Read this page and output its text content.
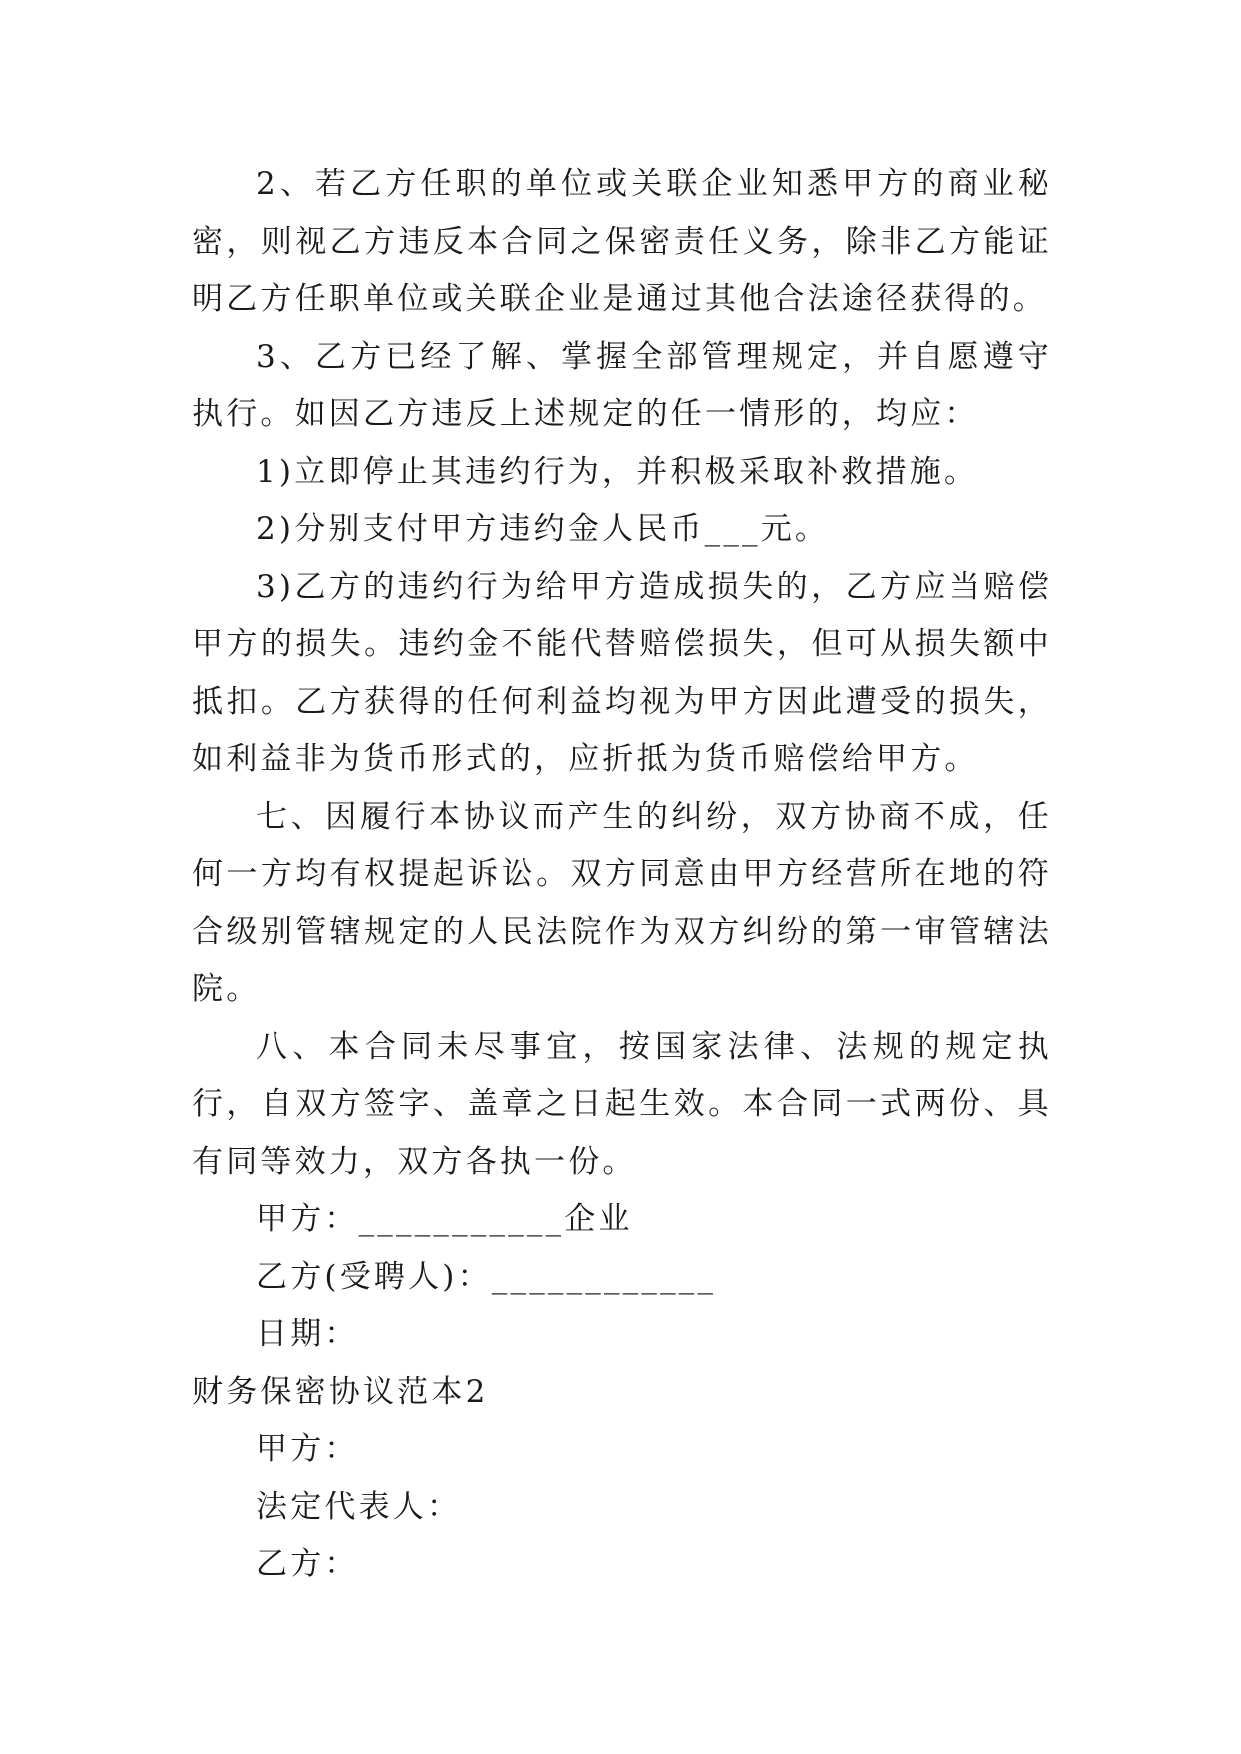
2、若乙方任职的单位或关联企业知悉甲方的商业秘密，则视乙方违反本合同之保密责任义务，除非乙方能证明乙方任职单位或关联企业是通过其他合法途径获得的。

3、乙方已经了解、掌握全部管理规定，并自愿遵守执行。如因乙方违反上述规定的任一情形的，均应：

1)立即停止其违约行为，并积极采取补救措施。

2)分别支付甲方违约金人民币___元。

3)乙方的违约行为给甲方造成损失的，乙方应当赔偿甲方的损失。违约金不能代替赔偿损失，但可从损失额中抵扣。乙方获得的任何利益均视为甲方因此遭受的损失，如利益非为货币形式的，应折抵为货币赔偿给甲方。

七、因履行本协议而产生的纠纷，双方协商不成，任何一方均有权提起诉讼。双方同意由甲方经营所在地的符合级别管辖规定的人民法院作为双方纠纷的第一审管辖法院。

八、本合同未尽事宜，按国家法律、法规的规定执行，自双方签字、盖章之日起生效。本合同一式两份、具有同等效力，双方各执一份。

甲方：___________企业

乙方(受聘人)：____________

日期：

财务保密协议范本2

甲方：

法定代表人：

乙方：
